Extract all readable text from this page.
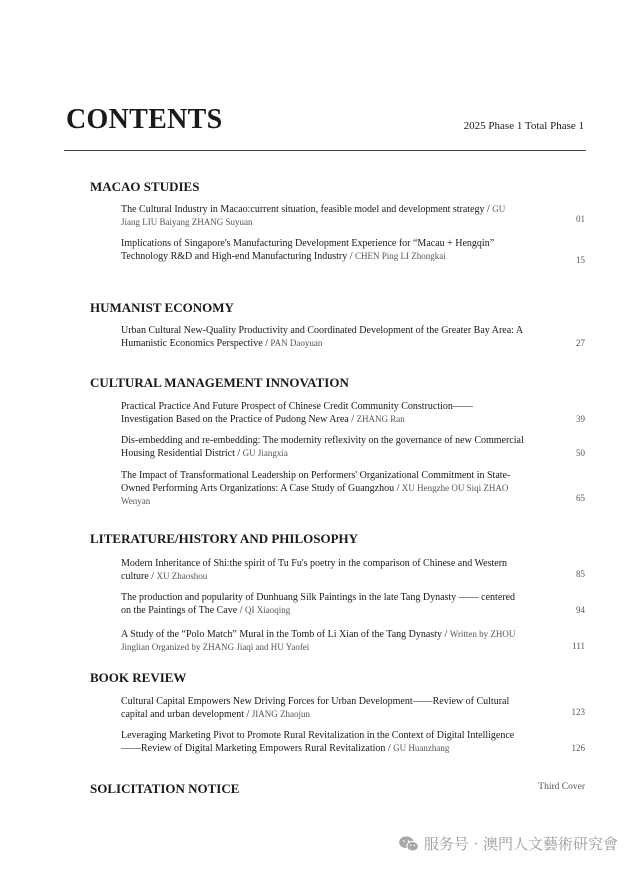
CONTENTS	2025 Phase 1 Total Phase 1
MACAO STUDIES
The Cultural Industry in Macao:current situation, feasible model and development strategy / GU Jiang LIU Baiyang ZHANG Suyuan	01
Implications of Singapore's Manufacturing Development Experience for “Macau + Hengqin” Technology R&D and High-end Manufacturing Industry / CHEN Ping LI Zhongkai	15
HUMANIST ECONOMY
Urban Cultural New-Quality Productivity and Coordinated Development of the Greater Bay Area: A Humanistic Economics Perspective / PAN Daoyuan	27
CULTURAL MANAGEMENT INNOVATION
Practical Practice And Future Prospect of Chinese Credit Community Construction——Investigation Based on the Practice of Pudong New Area / ZHANG Ran	39
Dis-embedding and re-embedding: The modernity reflexivity on the governance of new Commercial Housing Residential District / GU Jiangxia	50
The Impact of Transformational Leadership on Performers' Organizational Commitment in State-Owned Performing Arts Organizations: A Case Study of Guangzhou / XU Hengzhe OU Siqi ZHAO Wenyan	65
LITERATURE/HISTORY AND PHILOSOPHY
Modern Inheritance of Shi:the spirit of Tu Fu's poetry in the comparison of Chinese and Western culture / XU Zhaoshou	85
The production and popularity of Dunhuang Silk Paintings in the late Tang Dynasty —— centered on the Paintings of The Cave / QI Xiaoqing	94
A Study of the “Polo Match” Mural in the Tomb of Li Xian of the Tang Dynasty / Written by ZHOU Jinglian Organized by ZHANG Jiaqi and HU Yaofei	111
BOOK REVIEW
Cultural Capital Empowers New Driving Forces for Urban Development——Review of Cultural capital and urban development / JIANG Zhaojun	123
Leveraging Marketing Pivot to Promote Rural Revitalization in the Context of Digital Intelligence——Review of Digital Marketing Empowers Rural Revitalization / GU Huanzhang	126
SOLICITATION NOTICE	Third Cover
服务号 · 澳門人文藝術研究會
